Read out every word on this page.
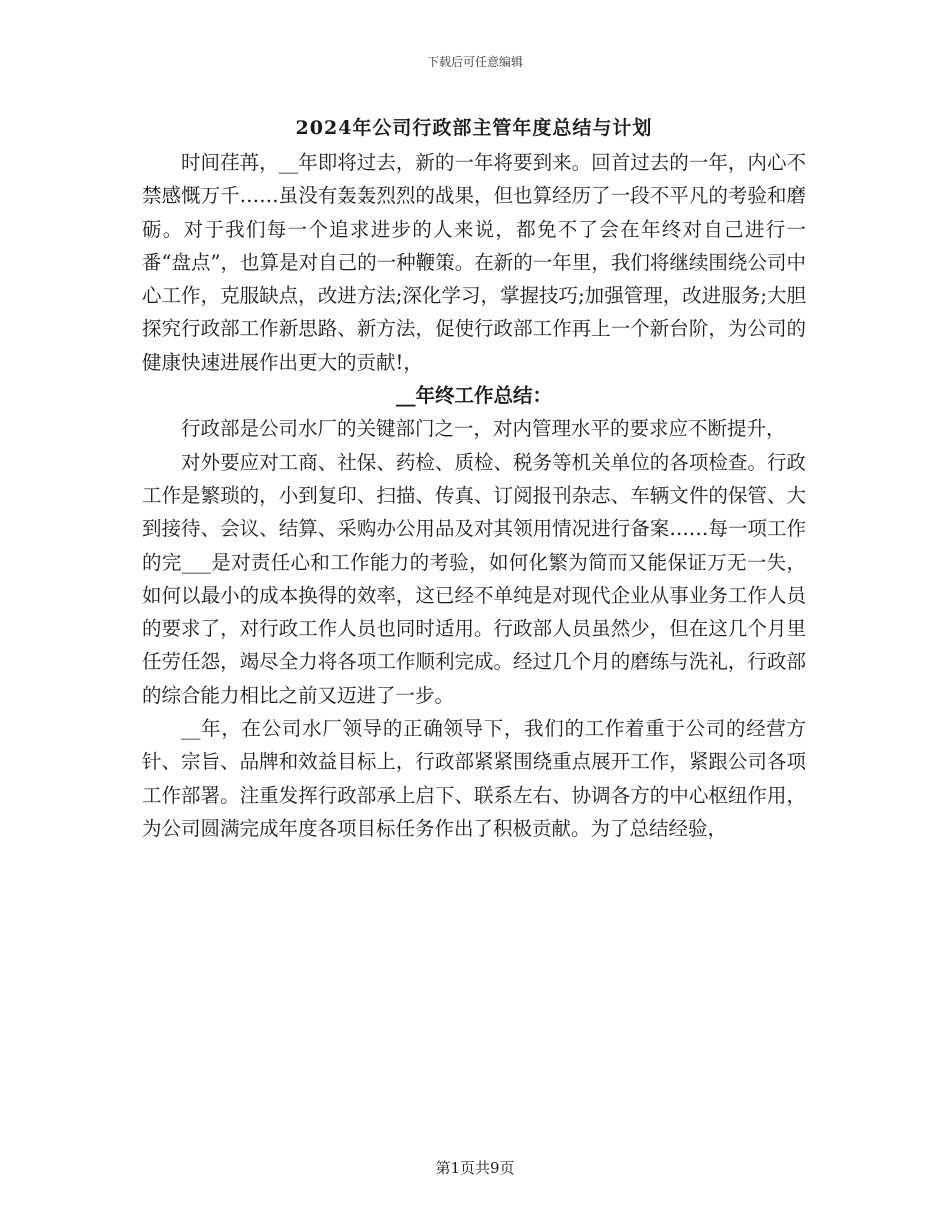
下载后可任意编辑
2024年公司行政部主管年度总结与计划

时间荏苒，__年即将过去，新的一年将要到来。回首过去的一年，内心不禁感慨万千……虽没有轰轰烈烈的战果，但也算经历了一段不平凡的考验和磨砺。对于我们每一个追求进步的人来说，都免不了会在年终对自己进行一番“盘点”，也算是对自己的一种鞭策。在新的一年里，我们将继续围绕公司中心工作，克服缺点，改进方法;深化学习，掌握技巧;加强管理，改进服务;大胆探究行政部工作新思路、新方法，促使行政部工作再上一个新台阶，为公司的健康快速进展作出更大的贡献!，

__年终工作总结：

行政部是公司水厂的关键部门之一，对内管理水平的要求应不断提升，

对外要应对工商、社保、药检、质检、税务等机关单位的各项检查。行政工作是繁琐的，小到复印、扫描、传真、订阅报刊杂志、车辆文件的保管、大到接待、会议、结算、采购办公用品及对其领用情况进行备案……每一项工作的完___是对责任心和工作能力的考验，如何化繁为简而又能保证万无一失，如何以最小的成本换得的效率，这已经不单纯是对现代企业从事业务工作人员的要求了，对行政工作人员也同时适用。行政部人员虽然少，但在这几个月里任劳任怨，竭尽全力将各项工作顺利完成。经过几个月的磨练与洗礼，行政部的综合能力相比之前又迈进了一步。

__年，在公司水厂领导的正确领导下，我们的工作着重于公司的经营方针、宗旨、品牌和效益目标上，行政部紧紧围绕重点展开工作，紧跟公司各项工作部署。注重发挥行政部承上启下、联系左右、协调各方的中心枢纽作用，为公司圆满完成年度各项目标任务作出了积极贡献。为了总结经验，

第1页共9页
